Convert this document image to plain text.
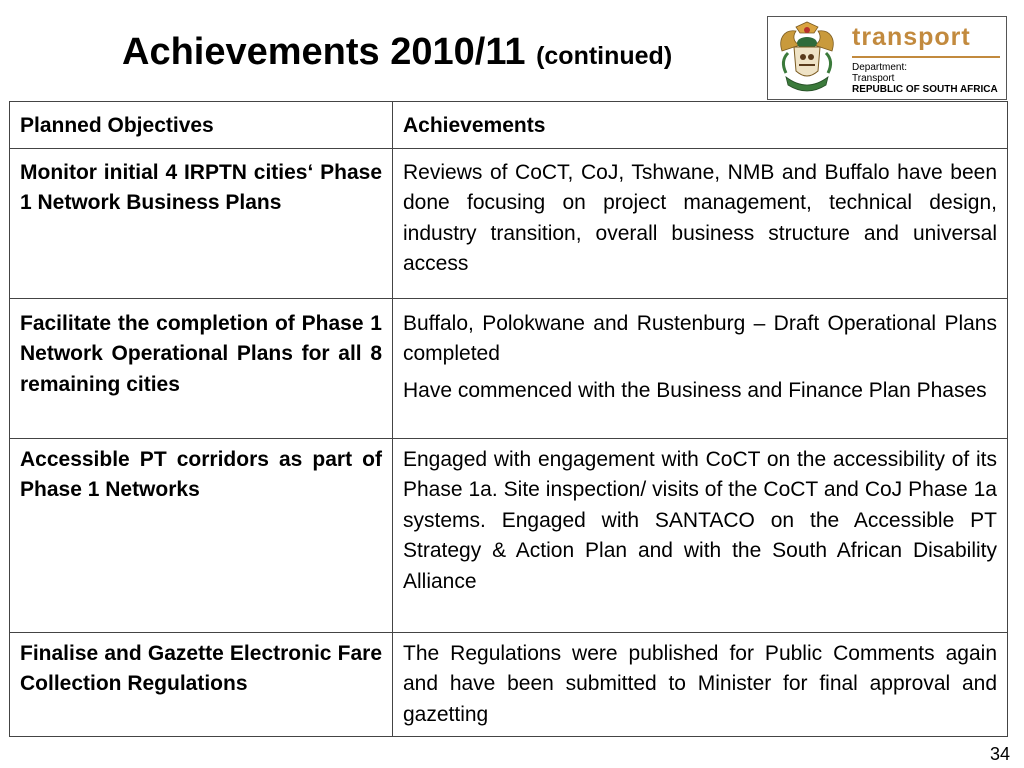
Achievements 2010/11 (continued)
transport
Department:
Transport
REPUBLIC OF SOUTH AFRICA
Planned Objectives	Achievements
Monitor initial 4 IRPTN cities‘ Phase 1 Network Business Plans	Reviews of CoCT, CoJ, Tshwane, NMB and Buffalo have been done focusing on project management, technical design, industry transition, overall business structure and universal access

Facilitate the completion of Phase 1 Network Operational Plans for all 8 remaining cities	Buffalo, Polokwane and Rustenburg – Draft Operational Plans completed

Have commenced with the Business and Finance Plan Phases

Accessible PT corridors as part of Phase 1 Networks	Engaged with engagement with CoCT on the accessibility of its Phase 1a. Site inspection/ visits of the CoCT and CoJ Phase 1a systems. Engaged with SANTACO on the Accessible PT Strategy & Action Plan and with the South African Disability Alliance

Finalise and Gazette Electronic Fare Collection Regulations	The Regulations were published for Public Comments again and have been submitted to Minister for final approval and gazetting

34
